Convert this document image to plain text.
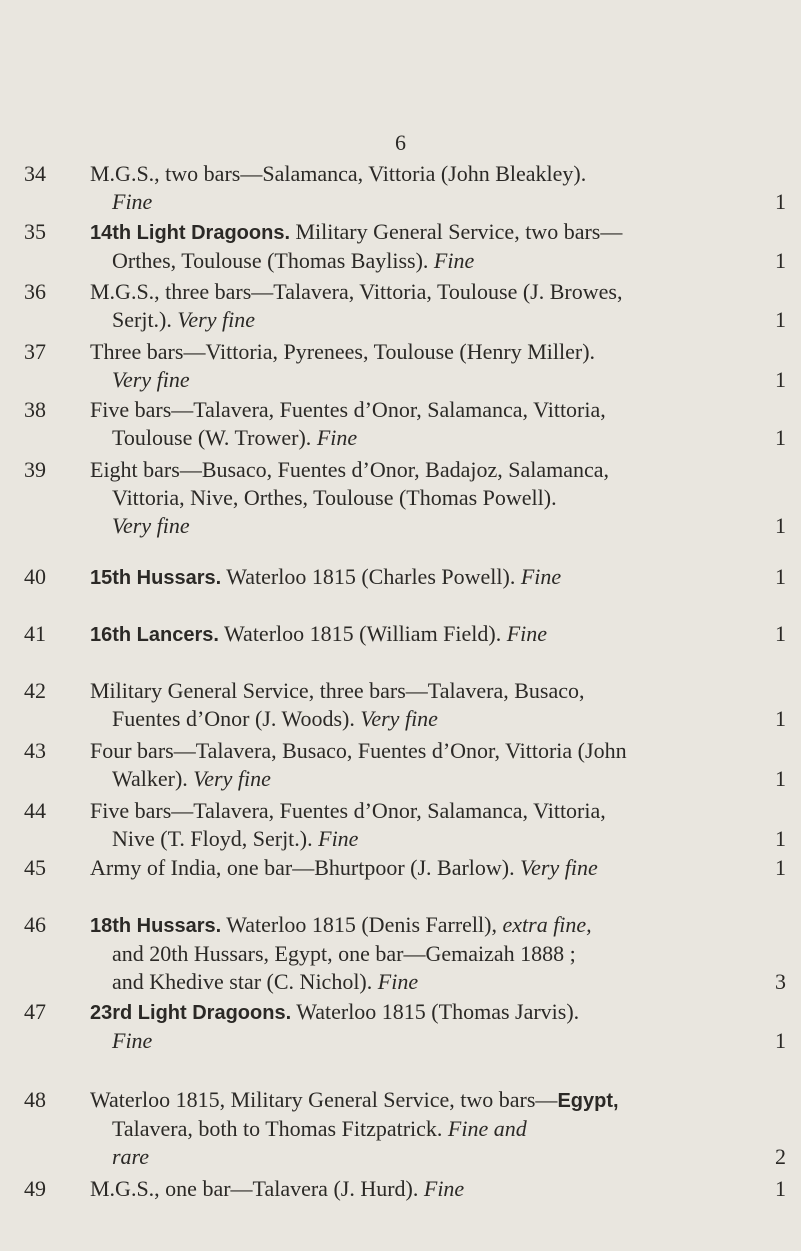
6
34	M.G.S., two bars—Salamanca, Vittoria (John Bleakley).
Fine	1
35	14th Light Dragoons. Military General Service, two bars—
Orthes, Toulouse (Thomas Bayliss). Fine	1
36	M.G.S., three bars—Talavera, Vittoria, Toulouse (J. Browes,
Serjt.). Very fine	1
37	Three bars—Vittoria, Pyrenees, Toulouse (Henry Miller).
Very fine	1
38	Five bars—Talavera, Fuentes d’Onor, Salamanca, Vittoria,
Toulouse (W. Trower). Fine	1
39	Eight bars—Busaco, Fuentes d’Onor, Badajoz, Salamanca,
Vittoria, Nive, Orthes, Toulouse (Thomas Powell).
Very fine	1
40	15th Hussars. Waterloo 1815 (Charles Powell). Fine	1
41	16th Lancers. Waterloo 1815 (William Field). Fine	1
42	Military General Service, three bars—Talavera, Busaco,
Fuentes d’Onor (J. Woods). Very fine	1
43	Four bars—Talavera, Busaco, Fuentes d’Onor, Vittoria (John
Walker). Very fine	1
44	Five bars—Talavera, Fuentes d’Onor, Salamanca, Vittoria,
Nive (T. Floyd, Serjt.). Fine	1
45	Army of India, one bar—Bhurtpoor (J. Barlow). Very fine	1
46	18th Hussars. Waterloo 1815 (Denis Farrell), extra fine,
and 20th Hussars, Egypt, one bar—Gemaizah 1888 ;
and Khedive star (C. Nichol). Fine	3
47	23rd Light Dragoons. Waterloo 1815 (Thomas Jarvis).
Fine	1
48	Waterloo 1815, Military General Service, two bars—Egypt,
Talavera, both to Thomas Fitzpatrick. Fine and
rare	2
49	M.G.S., one bar—Talavera (J. Hurd). Fine	1
